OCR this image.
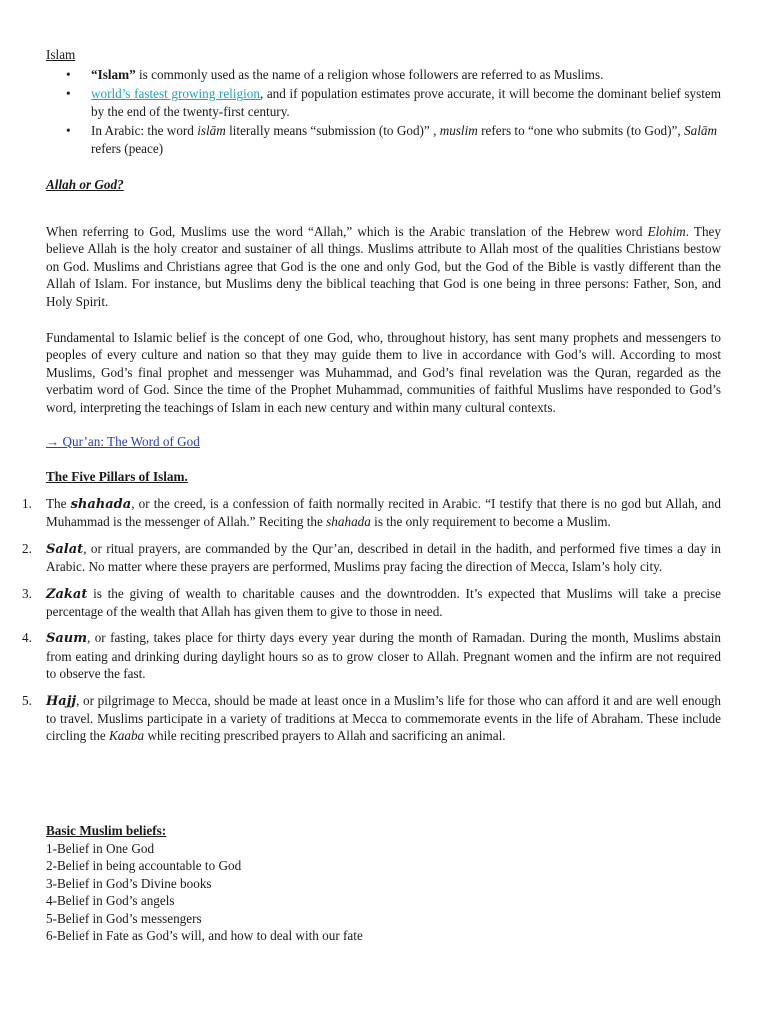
Islam
• “Islam” is commonly used as the name of a religion whose followers are referred to as Muslims.
• world’s fastest growing religion, and if population estimates prove accurate, it will become the dominant belief system by the end of the twenty-first century.
• In Arabic: the word islām literally means “submission (to God)” , muslim refers to “one who submits (to God)”, Salām refers (peace)
Allah or God?
When referring to God, Muslims use the word “Allah,” which is the Arabic translation of the Hebrew word Elohim. They believe Allah is the holy creator and sustainer of all things. Muslims attribute to Allah most of the qualities Christians bestow on God. Muslims and Christians agree that God is the one and only God, but the God of the Bible is vastly different than the Allah of Islam. For instance, but Muslims deny the biblical teaching that God is one being in three persons: Father, Son, and Holy Spirit.
Fundamental to Islamic belief is the concept of one God, who, throughout history, has sent many prophets and messengers to peoples of every culture and nation so that they may guide them to live in accordance with God’s will. According to most Muslims, God’s final prophet and messenger was Muhammad, and God’s final revelation was the Quran, regarded as the verbatim word of God. Since the time of the Prophet Muhammad, communities of faithful Muslims have responded to God’s word, interpreting the teachings of Islam in each new century and within many cultural contexts.
→ Qur’an: The Word of God
The Five Pillars of Islam.
1. The shahada, or the creed, is a confession of faith normally recited in Arabic. “I testify that there is no god but Allah, and Muhammad is the messenger of Allah.” Reciting the shahada is the only requirement to become a Muslim.
2. Salat, or ritual prayers, are commanded by the Qur’an, described in detail in the hadith, and performed five times a day in Arabic. No matter where these prayers are performed, Muslims pray facing the direction of Mecca, Islam’s holy city.
3. Zakat is the giving of wealth to charitable causes and the downtrodden. It’s expected that Muslims will take a precise percentage of the wealth that Allah has given them to give to those in need.
4. Saum, or fasting, takes place for thirty days every year during the month of Ramadan. During the month, Muslims abstain from eating and drinking during daylight hours so as to grow closer to Allah. Pregnant women and the infirm are not required to observe the fast.
5. Hajj, or pilgrimage to Mecca, should be made at least once in a Muslim’s life for those who can afford it and are well enough to travel. Muslims participate in a variety of traditions at Mecca to commemorate events in the life of Abraham. These include circling the Kaaba while reciting prescribed prayers to Allah and sacrificing an animal.
Basic Muslim beliefs:
1-Belief in One God
2-Belief in being accountable to God
3-Belief in God’s Divine books
4-Belief in God’s angels
5-Belief in God’s messengers
6-Belief in Fate as God’s will, and how to deal with our fate
